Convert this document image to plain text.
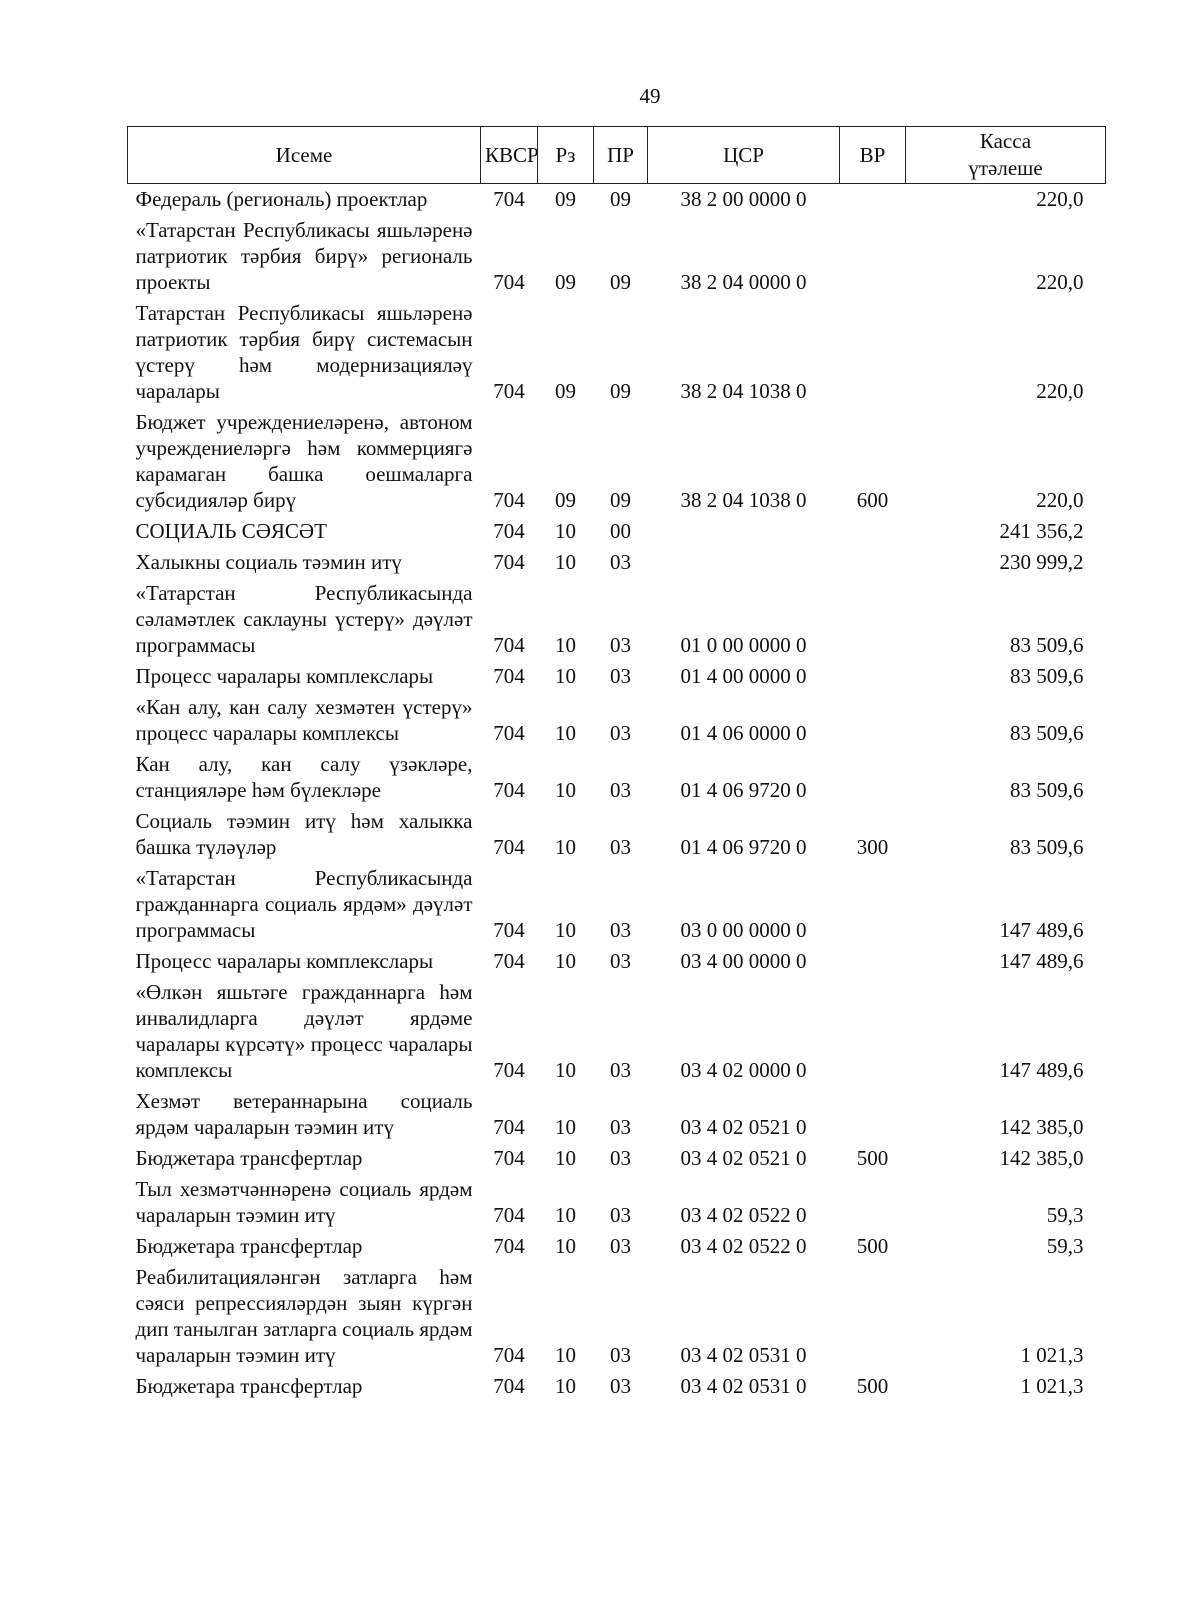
49
Исеме	КВСР	Рз	ПР	ЦСР	ВР	Касса
үтәлеше

Федераль (региональ) проектлар	704	09	09	38 2 00 0000 0		220,0
«Татарстан Республикасы яшьләренә патриотик тәрбия бирү» региональ проекты	704	09	09	38 2 04 0000 0		220,0
Татарстан Республикасы яшьләренә патриотик тәрбия бирү системасын үстерү һәм модернизацияләү чаралары	704	09	09	38 2 04 1038 0		220,0
Бюджет учреждениеләренә, автоном учреждениеләргә һәм коммерциягә карамаган башка оешмаларга субсидияләр бирү	704	09	09	38 2 04 1038 0	600	220,0
СОЦИАЛЬ СӘЯСӘТ	704	10	00			241 356,2
Халыкны социаль тәэмин итү	704	10	03			230 999,2
«Татарстан Республикасында сәламәтлек саклауны үстерү» дәүләт программасы	704	10	03	01 0 00 0000 0		83 509,6
Процесс чаралары комплекслары	704	10	03	01 4 00 0000 0		83 509,6
«Кан алу, кан салу хезмәтен үстерү» процесс чаралары комплексы	704	10	03	01 4 06 0000 0		83 509,6
Кан алу, кан салу үзәкләре, станцияләре һәм бүлекләре	704	10	03	01 4 06 9720 0		83 509,6
Социаль тәэмин итү һәм халыкка башка түләүләр	704	10	03	01 4 06 9720 0	300	83 509,6
«Татарстан Республикасында гражданнарга социаль ярдәм» дәүләт программасы	704	10	03	03 0 00 0000 0		147 489,6
Процесс чаралары комплекслары	704	10	03	03 4 00 0000 0		147 489,6
«Өлкән яшьтәге гражданнарга һәм инвалидларга дәүләт ярдәме чаралары күрсәтү» процесс чаралары комплексы	704	10	03	03 4 02 0000 0		147 489,6
Хезмәт ветераннарына социаль ярдәм чараларын тәэмин итү	704	10	03	03 4 02 0521 0		142 385,0
Бюджетара трансфертлар	704	10	03	03 4 02 0521 0	500	142 385,0
Тыл хезмәтчәннәренә социаль ярдәм чараларын тәэмин итү	704	10	03	03 4 02 0522 0		59,3
Бюджетара трансфертлар	704	10	03	03 4 02 0522 0	500	59,3
Реабилитацияләнгән затларга һәм сәяси репрессияләрдән зыян күргән дип танылган затларга социаль ярдәм чараларын тәэмин итү	704	10	03	03 4 02 0531 0		1 021,3
Бюджетара трансфертлар	704	10	03	03 4 02 0531 0	500	1 021,3
